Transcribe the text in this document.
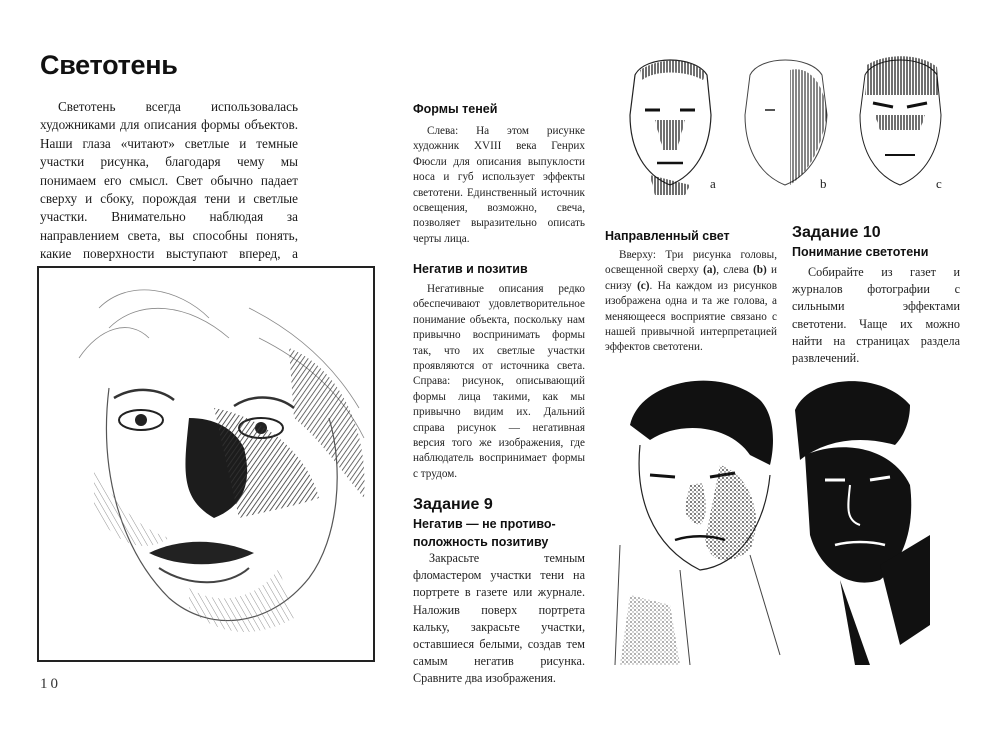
Светотень

Светотень всегда использовалась художниками для описания формы объектов. Наши глаза «читают» светлые и темные участки рисунка, благодаря чему мы понимаем его смысл. Свет обычно падает сверху и сбоку, порождая тени и светлые участки. Внимательно наблюдая за направлением света, вы способны понять, какие поверхности выступают вперед, а

10
Формы теней

Слева: На этом рисунке художник XVIII века Генрих Фюсли для описания выпуклости носа и губ использует эффекты светотени. Единственный источник освещения, возможно, свеча, позволяет выразительно описать черты лица.

Негатив и позитив

Негативные описания редко обеспечивают удовлетворительное понимание объекта, поскольку нам привычно воспринимать формы так, что их светлые участки проявляются от источника света. Справа: рисунок, описывающий формы лица такими, как мы привычно видим их. Дальний справа рисунок — негативная версия того же изображения, где наблюдатель воспринимает формы с трудом.

Задание 9
Негатив — не противо-
положность позитиву

Закрасьте темным фломастером участки тени на портрете в газете или журнале. Наложив поверх портрета кальку, закрасьте участки, оставшиеся белыми, создав тем самым негатив рисунка. Сравните два изображения.

a	b	c
Направленный свет

Вверху: Три рисунка головы, освещенной сверху (а), слева (b) и снизу (с). На каждом из рисунков изображена одна и та же голова, а меняющееся восприятие связано с нашей привычной интерпретацией эффектов светотени.

Задание 10
Понимание светотени

Собирайте из газет и журналов фотографии с сильными эффектами светотени. Чаще их можно найти на страницах раздела развлечений.
